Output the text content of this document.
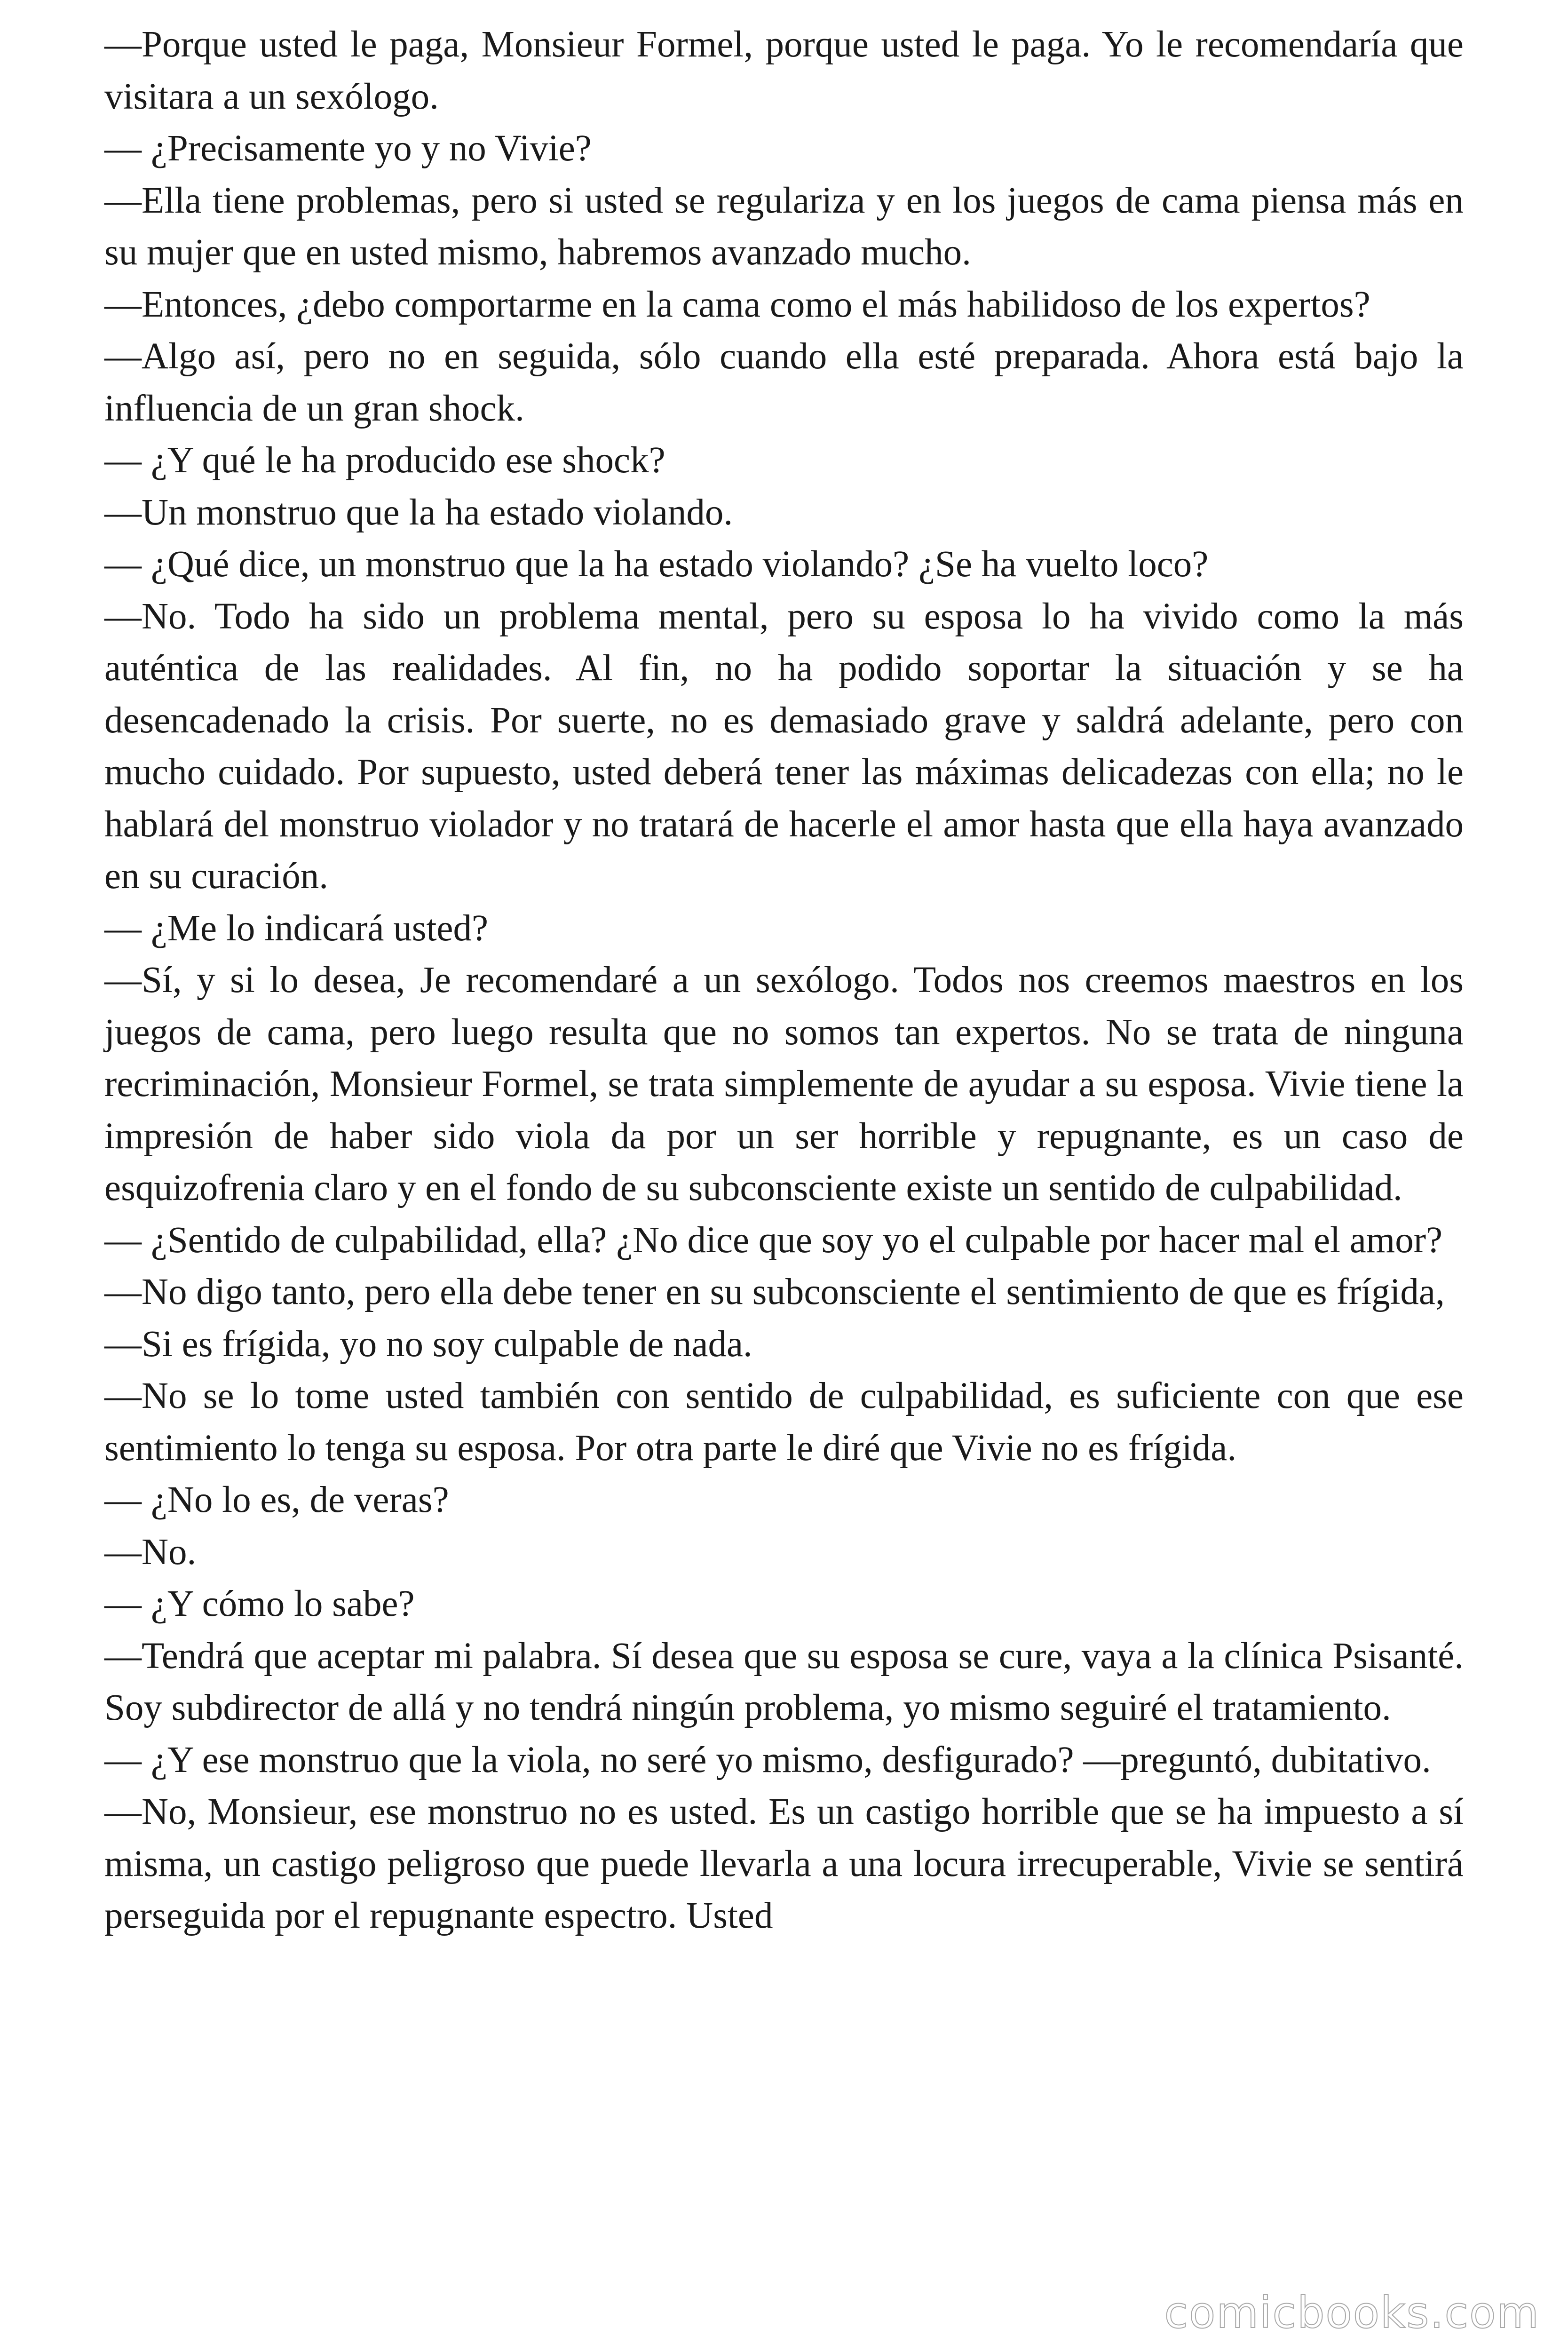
—Porque usted le paga, Monsieur Formel, porque usted le paga. Yo le recomendaría que visitara a un sexólogo.

— ¿Precisamente yo y no Vivie?

—Ella tiene problemas, pero si usted se regulariza y en los juegos de cama piensa más en su mujer que en usted mismo, habremos avanzado mucho.

—Entonces, ¿debo comportarme en la cama como el más habilidoso de los expertos?

—Algo así, pero no en seguida, sólo cuando ella esté preparada. Ahora está bajo la influencia de un gran shock.

— ¿Y qué le ha producido ese shock?

—Un monstruo que la ha estado violando.

— ¿Qué dice, un monstruo que la ha estado violando? ¿Se ha vuelto loco?

—No. Todo ha sido un problema mental, pero su esposa lo ha vivido como la más auténtica de las realidades. Al fin, no ha podido soportar la situación y se ha desencadenado la crisis. Por suerte, no es demasiado grave y saldrá adelante, pero con mucho cuidado. Por supuesto, usted deberá tener las máximas delicadezas con ella; no le hablará del monstruo violador y no tratará de hacerle el amor hasta que ella haya avanzado en su curación.

— ¿Me lo indicará usted?

—Sí, y si lo desea, Je recomendaré a un sexólogo. Todos nos creemos maestros en los juegos de cama, pero luego resulta que no somos tan expertos. No se trata de ninguna recriminación, Monsieur Formel, se trata simplemente de ayudar a su esposa. Vivie tiene la impresión de haber sido viola da por un ser horrible y repugnante, es un caso de esquizofrenia claro y en el fondo de su subconsciente existe un sentido de culpabilidad.

— ¿Sentido de culpabilidad, ella? ¿No dice que soy yo el culpable por hacer mal el amor?

—No digo tanto, pero ella debe tener en su subconsciente el sentimiento de que es frígida,

—Si es frígida, yo no soy culpable de nada.

—No se lo tome usted también con sentido de culpabilidad, es suficiente con que ese sentimiento lo tenga su esposa. Por otra parte le diré que Vivie no es frígida.

— ¿No lo es, de veras?

—No.

— ¿Y cómo lo sabe?

—Tendrá que aceptar mi palabra. Sí desea que su esposa se cure, vaya a la clínica Psisanté. Soy subdirector de allá y no tendrá ningún problema, yo mismo seguiré el tratamiento.

— ¿Y ese monstruo que la viola, no seré yo mismo, desfigurado? —preguntó, dubitativo.

—No, Monsieur, ese monstruo no es usted. Es un castigo horrible que se ha impuesto a sí misma, un castigo peligroso que puede llevarla a una locura irrecuperable, Vivie se sentirá perseguida por el repugnante espectro. Usted

comicbooks.com
